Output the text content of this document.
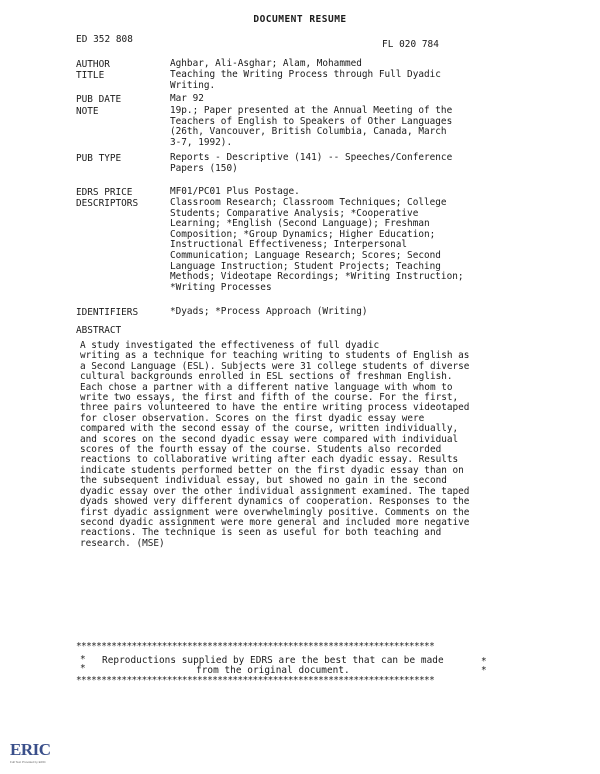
DOCUMENT RESUME
ED 352 808	FL 020 784
AUTHOR	Aghbar, Ali-Asghar; Alam, Mohammed
TITLE	Teaching the Writing Process through Full Dyadic
Writing.
PUB DATE	Mar 92
NOTE	19p.; Paper presented at the Annual Meeting of the
Teachers of English to Speakers of Other Languages
(26th, Vancouver, British Columbia, Canada, March
3-7, 1992).
PUB TYPE	Reports - Descriptive (141) -- Speeches/Conference
Papers (150)
EDRS PRICE	MF01/PC01 Plus Postage.
DESCRIPTORS	Classroom Research; Classroom Techniques; College
Students; Comparative Analysis; *Cooperative
Learning; *English (Second Language); Freshman
Composition; *Group Dynamics; Higher Education;
Instructional Effectiveness; Interpersonal
Communication; Language Research; Scores; Second
Language Instruction; Student Projects; Teaching
Methods; Videotape Recordings; *Writing Instruction;
*Writing Processes
IDENTIFIERS	*Dyads; *Process Approach (Writing)
ABSTRACT
A study investigated the effectiveness of full dyadic
writing as a technique for teaching writing to students of English as
a Second Language (ESL). Subjects were 31 college students of diverse
cultural backgrounds enrolled in ESL sections of freshman English.
Each chose a partner with a different native language with whom to
write two essays, the first and fifth of the course. For the first,
three pairs volunteered to have the entire writing process videotaped
for closer observation. Scores on the first dyadic essay were
compared with the second essay of the course, written individually,
and scores on the second dyadic essay were compared with individual
scores of the fourth essay of the course. Students also recorded
reactions to collaborative writing after each dyadic essay. Results
indicate students performed better on the first dyadic essay than on
the subsequent individual essay, but showed no gain in the second
dyadic essay over the other individual assignment examined. The taped
dyads showed very different dynamics of cooperation. Responses to the
first dyadic assignment were overwhelmingly positive. Comments on the
second dyadic assignment were more general and included more negative
reactions. The technique is seen as useful for both teaching and
research. (MSE)
***********************************************************************
*
*
*
*
Reproductions supplied by EDRS are the best that can be made
from the original document.
***********************************************************************
ERIC
Full Text Provided by ERIC
